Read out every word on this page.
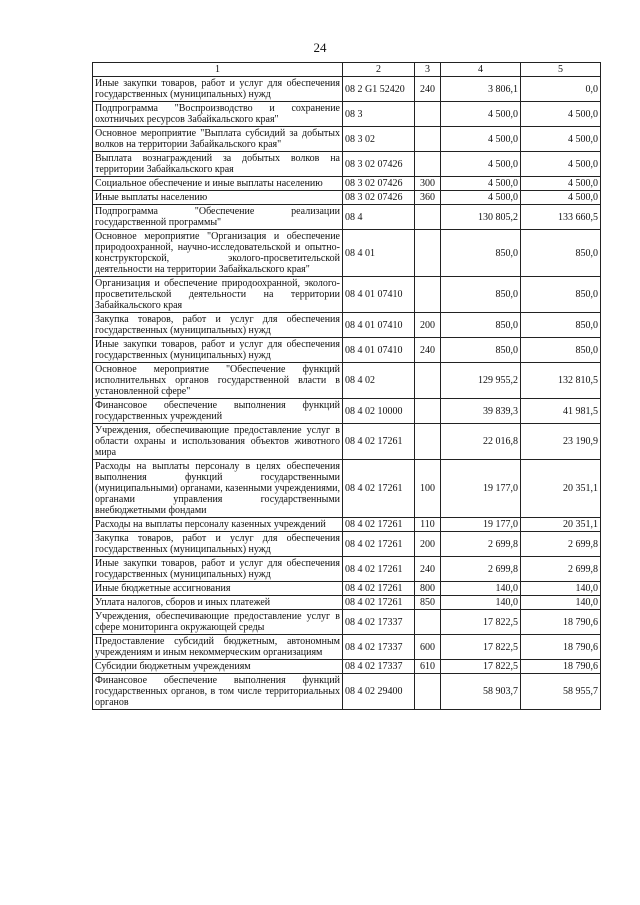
24
1	2	3	4	5
Иные закупки товаров, работ и услуг для обеспечения государственных (муниципальных) нужд	08 2 G1 52420	240	3 806,1	0,0
Подпрограмма "Воспроизводство и сохранение охотничьих ресурсов Забайкальского края"	08 3		4 500,0	4 500,0
Основное мероприятие "Выплата субсидий за добытых волков на территории Забайкальского края"	08 3 02		4 500,0	4 500,0
Выплата вознаграждений за добытых волков на территории Забайкальского края	08 3 02 07426		4 500,0	4 500,0
Социальное обеспечение и иные выплаты населению	08 3 02 07426	300	4 500,0	4 500,0
Иные выплаты населению	08 3 02 07426	360	4 500,0	4 500,0
Подпрограмма "Обеспечение реализации государственной программы"	08 4		130 805,2	133 660,5
Основное мероприятие "Организация и обеспечение природоохранной, научно-исследовательской и опытно-конструкторской, эколого-просветительской деятельности на территории Забайкальского края"	08 4 01		850,0	850,0
Организация и обеспечение природоохранной, эколого-просветительской деятельности на территории Забайкальского края	08 4 01 07410		850,0	850,0
Закупка товаров, работ и услуг для обеспечения государственных (муниципальных) нужд	08 4 01 07410	200	850,0	850,0
Иные закупки товаров, работ и услуг для обеспечения государственных (муниципальных) нужд	08 4 01 07410	240	850,0	850,0
Основное мероприятие "Обеспечение функций исполнительных органов государственной власти в установленной сфере"	08 4 02		129 955,2	132 810,5
Финансовое обеспечение выполнения функций государственных учреждений	08 4 02 10000		39 839,3	41 981,5
Учреждения, обеспечивающие предоставление услуг в области охраны и использования объектов животного мира	08 4 02 17261		22 016,8	23 190,9
Расходы на выплаты персоналу в целях обеспечения выполнения функций государственными (муниципальными) органами, казенными учреждениями, органами управления государственными внебюджетными фондами	08 4 02 17261	100	19 177,0	20 351,1
Расходы на выплаты персоналу казенных учреждений	08 4 02 17261	110	19 177,0	20 351,1
Закупка товаров, работ и услуг для обеспечения государственных (муниципальных) нужд	08 4 02 17261	200	2 699,8	2 699,8
Иные закупки товаров, работ и услуг для обеспечения государственных (муниципальных) нужд	08 4 02 17261	240	2 699,8	2 699,8
Иные бюджетные ассигнования	08 4 02 17261	800	140,0	140,0
Уплата налогов, сборов и иных платежей	08 4 02 17261	850	140,0	140,0
Учреждения, обеспечивающие предоставление услуг в сфере мониторинга окружающей среды	08 4 02 17337		17 822,5	18 790,6
Предоставление субсидий бюджетным, автономным учреждениям и иным некоммерческим организациям	08 4 02 17337	600	17 822,5	18 790,6
Субсидии бюджетным учреждениям	08 4 02 17337	610	17 822,5	18 790,6
Финансовое обеспечение выполнения функций государственных органов, в том числе территориальных органов	08 4 02 29400		58 903,7	58 955,7
